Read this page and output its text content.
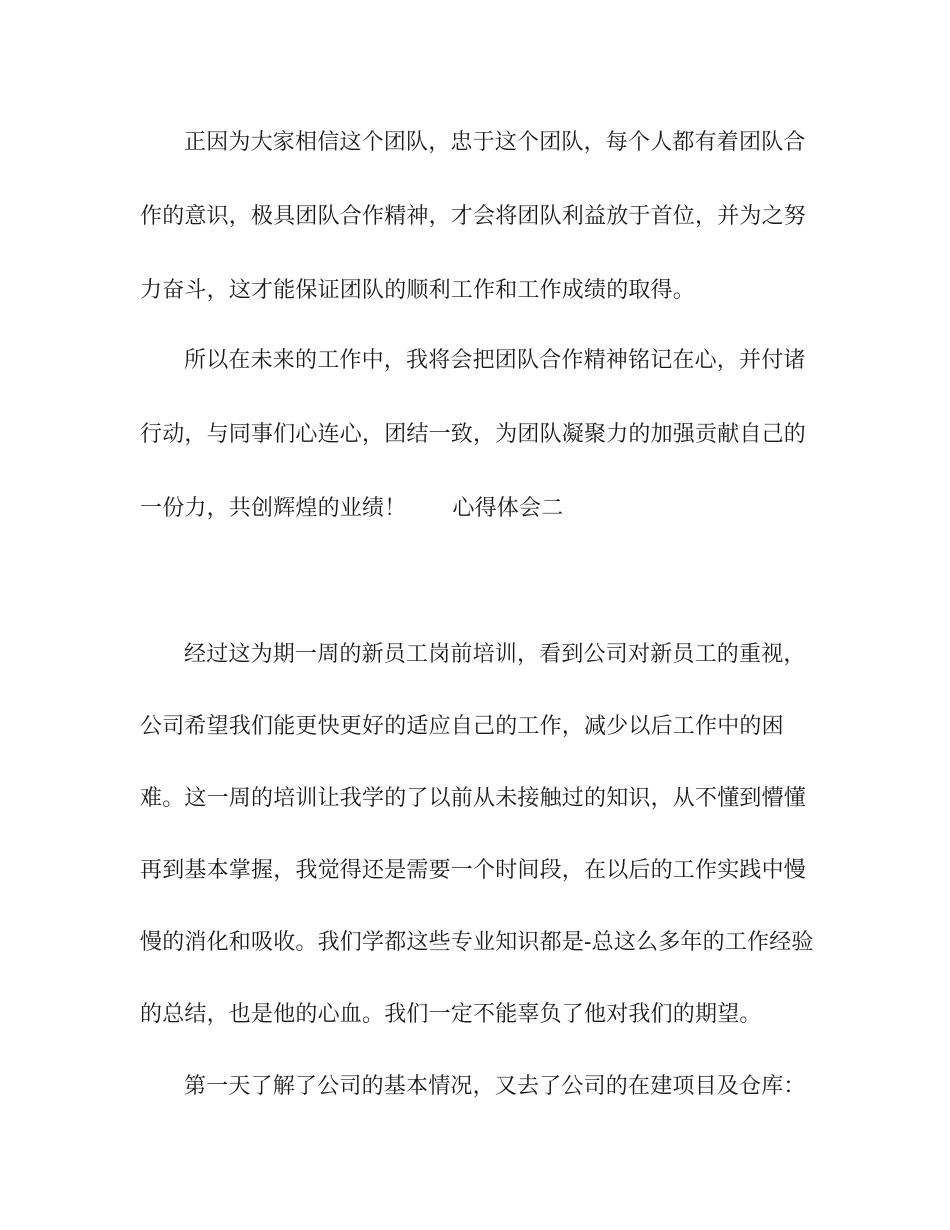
正因为大家相信这个团队，忠于这个团队，每个人都有着团队合
作的意识，极具团队合作精神，才会将团队利益放于首位，并为之努
力奋斗，这才能保证团队的顺利工作和工作成绩的取得。
所以在未来的工作中，我将会把团队合作精神铭记在心，并付诸
行动，与同事们心连心，团结一致，为团队凝聚力的加强贡献自己的
一份力，共创辉煌的业绩！ 心得体会二
经过这为期一周的新员工岗前培训，看到公司对新员工的重视，
公司希望我们能更快更好的适应自己的工作，减少以后工作中的困
难。这一周的培训让我学的了以前从未接触过的知识，从不懂到懵懂
再到基本掌握，我觉得还是需要一个时间段，在以后的工作实践中慢
慢的消化和吸收。我们学都这些专业知识都是-总这么多年的工作经验
的总结，也是他的心血。我们一定不能辜负了他对我们的期望。
第一天了解了公司的基本情况，又去了公司的在建项目及仓库：
